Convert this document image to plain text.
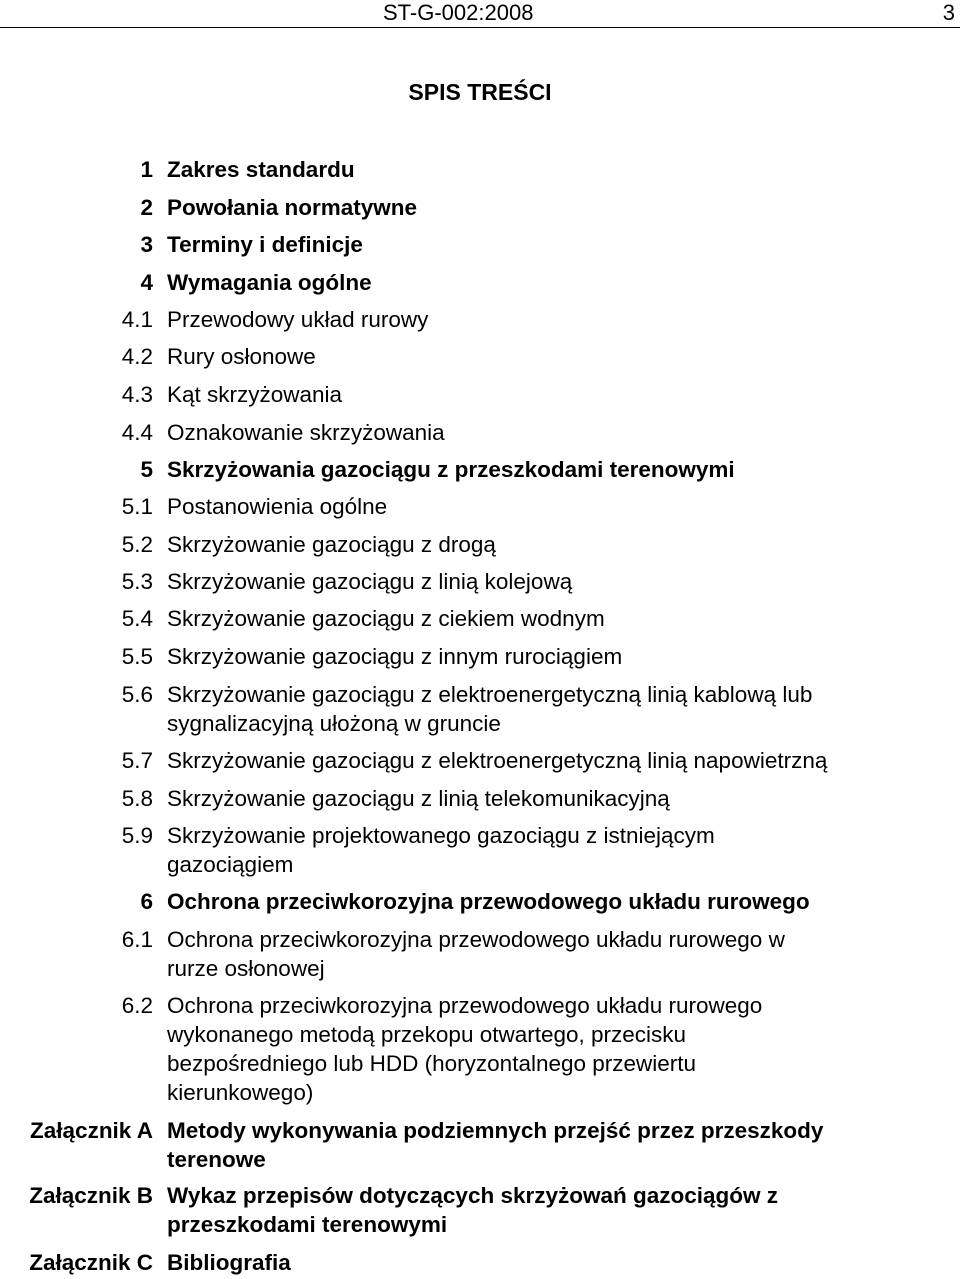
ST-G-002:2008	3
SPIS TREŚCI
1 Zakres standardu
2 Powołania normatywne
3 Terminy i definicje
4 Wymagania ogólne
4.1 Przewodowy układ rurowy
4.2 Rury osłonowe
4.3 Kąt skrzyżowania
4.4 Oznakowanie skrzyżowania
5 Skrzyżowania gazociągu z przeszkodami terenowymi
5.1 Postanowienia ogólne
5.2 Skrzyżowanie gazociągu z drogą
5.3 Skrzyżowanie gazociągu z linią kolejową
5.4 Skrzyżowanie gazociągu z ciekiem wodnym
5.5 Skrzyżowanie gazociągu z innym rurociągiem
5.6 Skrzyżowanie gazociągu z elektroenergetyczną linią kablową lub
sygnalizacyjną ułożoną w gruncie
5.7 Skrzyżowanie gazociągu z elektroenergetyczną linią napowietrzną
5.8 Skrzyżowanie gazociągu z linią telekomunikacyjną
5.9 Skrzyżowanie projektowanego gazociągu z istniejącym
gazociągiem
6 Ochrona przeciwkorozyjna przewodowego układu rurowego
6.1 Ochrona przeciwkorozyjna przewodowego układu rurowego w
rurze osłonowej
6.2 Ochrona przeciwkorozyjna przewodowego układu rurowego
wykonanego metodą przekopu otwartego, przecisku
bezpośredniego lub HDD (horyzontalnego przewiertu
kierunkowego)
Załącznik A Metody wykonywania podziemnych przejść przez przeszkody
terenowe
Załącznik B Wykaz przepisów dotyczących skrzyżowań gazociągów z
przeszkodami terenowymi
Załącznik C Bibliografia
